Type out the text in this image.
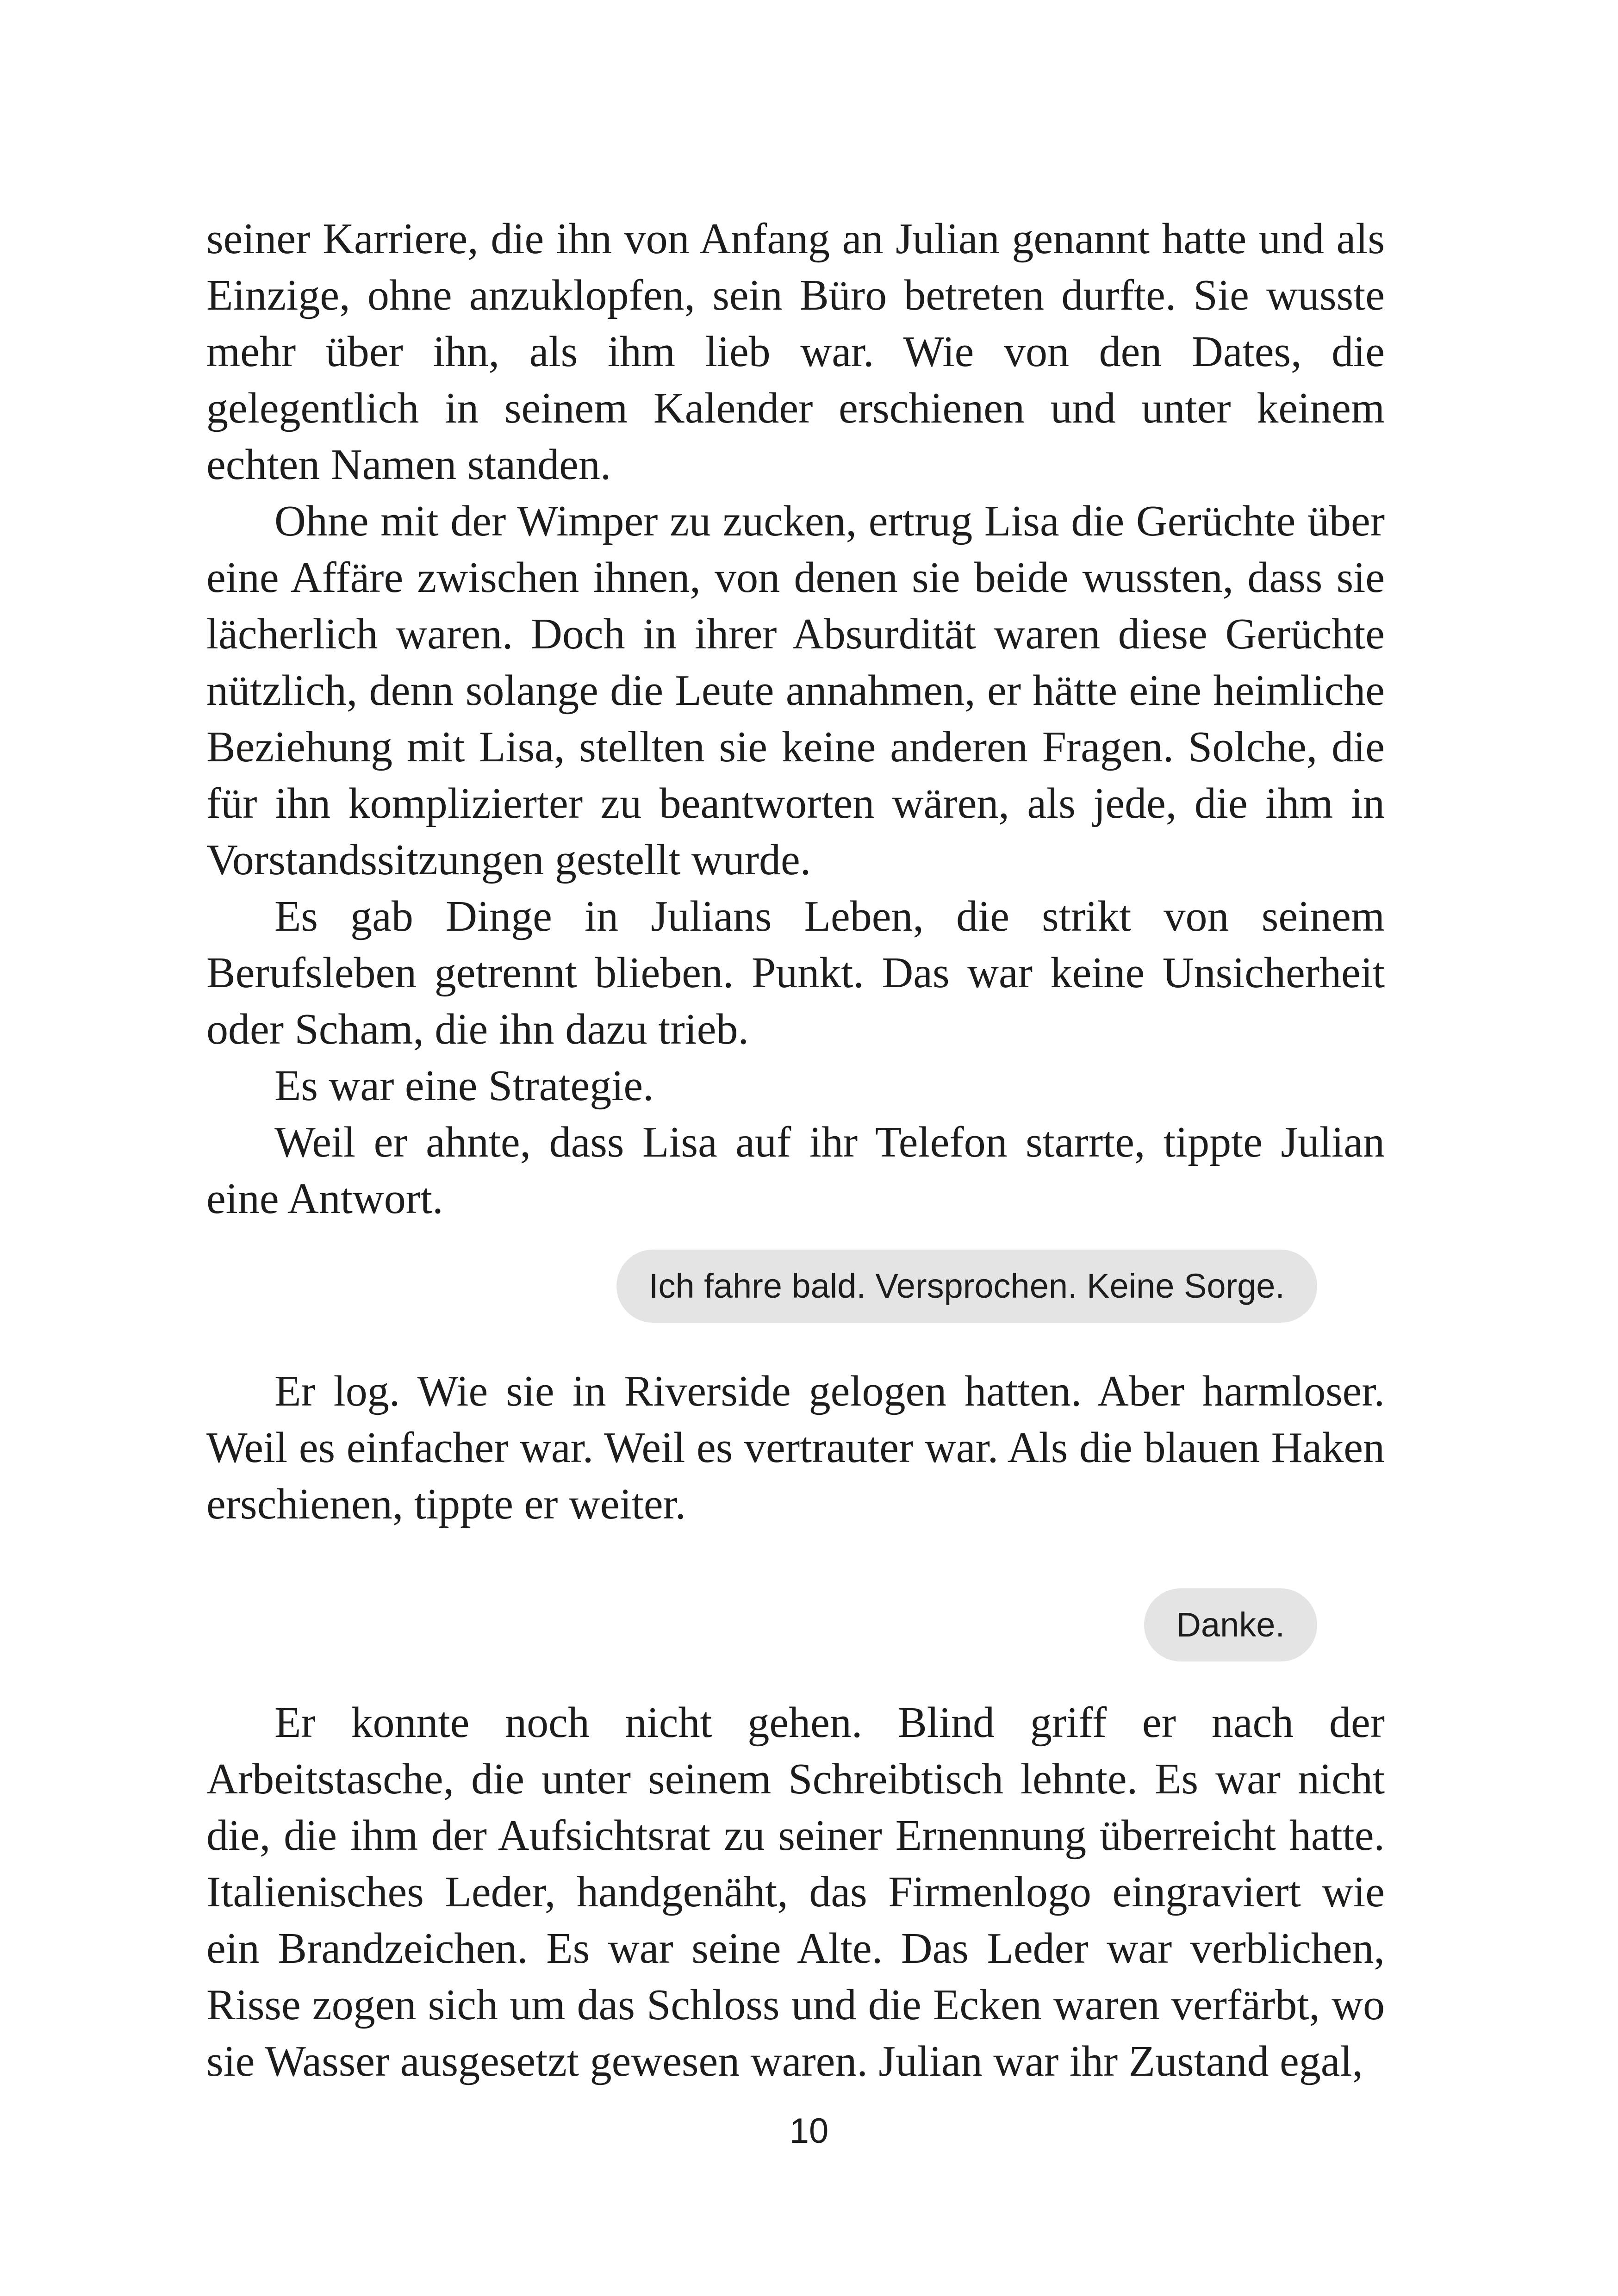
seiner Karriere, die ihn von Anfang an Julian genannt hatte und als Einzige, ohne anzuklopfen, sein Büro betreten durfte. Sie wusste mehr über ihn, als ihm lieb war. Wie von den Dates, die gelegentlich in seinem Kalender erschienen und unter keinem echten Namen standen.

Ohne mit der Wimper zu zucken, ertrug Lisa die Gerüchte über eine Affäre zwischen ihnen, von denen sie beide wussten, dass sie lächerlich waren. Doch in ihrer Absurdität waren diese Gerüchte nützlich, denn solange die Leute annahmen, er hätte eine heimliche Beziehung mit Lisa, stellten sie keine anderen Fragen. Solche, die für ihn komplizierter zu beantworten wären, als jede, die ihm in Vorstandssitzungen gestellt wurde.

Es gab Dinge in Julians Leben, die strikt von seinem Berufsleben getrennt blieben. Punkt. Das war keine Unsicherheit oder Scham, die ihn dazu trieb.

Es war eine Strategie.

Weil er ahnte, dass Lisa auf ihr Telefon starrte, tippte Julian eine Antwort.

Ich fahre bald. Versprochen. Keine Sorge.

Er log. Wie sie in Riverside gelogen hatten. Aber harmloser. Weil es einfacher war. Weil es vertrauter war. Als die blauen Haken erschienen, tippte er weiter.

Danke.

Er konnte noch nicht gehen. Blind griff er nach der Arbeitstasche, die unter seinem Schreibtisch lehnte. Es war nicht die, die ihm der Aufsichtsrat zu seiner Ernennung überreicht hatte. Italienisches Leder, handgenäht, das Firmenlogo eingraviert wie ein Brandzeichen. Es war seine Alte. Das Leder war verblichen, Risse zogen sich um das Schloss und die Ecken waren verfärbt, wo sie Wasser ausgesetzt gewesen waren. Julian war ihr Zustand egal,

10
